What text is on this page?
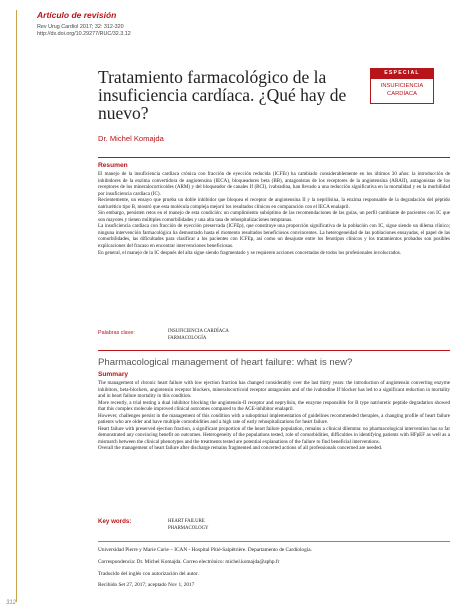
Artículo de revisión
Rev Urug Cardiol 2017; 32: 312-320
http://dx.doi.org/10.29277/RUC/32.3.12
ESPECIAL
INSUFICIENCIA
CARDÍACA
Tratamiento farmacológico de la insuficiencia cardíaca. ¿Qué hay de nuevo?
Dr. Michel Komajda
Resumen

El manejo de la insuficiencia cardíaca crónica con fracción de eyección reducida (ICFEr) ha cambiado considerablemente en los últimos 30 años: la introducción de inhibidores de la enzima convertidora de angiotensina (IECA), bloqueadores beta (BB), antagonistas de los receptores de la angiotensina (ARAII), antagonistas de los receptores de los mineralocorticoides (ARM) y del bloqueador de canales If (BCI), ivabradina, han llevado a una reducción significativa en la mortalidad y en la morbilidad por insuficiencia cardíaca (IC).

Recientemente, un ensayo que prueba un doble inhibidor que bloquea el receptor de angiotensina II y la neprilisina, la enzima responsable de la degradación del péptido natriurético tipo B, mostró que esta molécula compleja mejoró los resultados clínicos en comparación con el IECA enalapril.

Sin embargo, persisten retos en el manejo de esta condición: un cumplimiento subóptimo de las recomendaciones de las guías, un perfil cambiante de pacientes con IC que son mayores y tienen múltiples comorbilidades y una alta tasa de rehospitalizaciones tempranas.

La insuficiencia cardíaca con fracción de eyección preservada (ICFEp), que constituye una proporción significativa de la población con IC, sigue siendo un dilema clínico; ninguna intervención farmacológica ha demostrado hasta el momento resultados beneficiosos convincentes. La heterogeneidad de las poblaciones ensayadas, el papel de las comorbilidades, las dificultades para clasificar a los pacientes con ICFEp, así como un desajuste entre los fenotipos clínicos y los tratamientos probados son posibles explicaciones del fracaso en encontrar intervenciones beneficiosas.

En general, el manejo de la IC después del alta sigue siendo fragmentado y se requieren acciones concertadas de todos los profesionales involucrados.

Palabras clave:	INSUFICIENCIA CARDÍACA
FARMACOLOGÍA
Pharmacological management of heart failure: what is new?
Summary

The management of chronic heart failure with low ejection fraction has changed considerably over the last thirty years: the introduction of angiotensin converting enzyme inhibitors, beta-blockers, angiotensin receptor blockers, mineralocorticoid receptor antagonists and of the ivabradine If blocker has led to a significant reduction in mortality and in heart failure mortality in this condition.

More recently, a trial testing a dual inhibitor blocking the angiotensin-II receptor and neprylisin, the enzyme responsible for B type natriuretic peptide degradation showed that this complex molecule improved clinical outcomes compared to the ACE-inhibitor enalapril.

However, challenges persist in the management of this condition with a suboptimal implementation of guidelines recommended therapies, a changing profile of heart failure patients who are older and have multiple comorbidities and a high rate of early rehospitalizations for heart failure.

Heart failure with preserved ejection fraction, a significant proportion of the heart failure population, remains a clinical dilemma: no pharmacological intervention has so far demonstrated any convincing benefit on outcomes. Heterogeneity of the populations tested, role of comorbidities, difficulties in identifying patients with HFpEF as well as a mismatch between the clinical phenotypes and the treatments tested are potential explanations of the failure to find beneficial interventions.

Overall the management of heart failure after discharge remains fragmented and concerted actions of all professionals concerned are needed.

Key words:	HEART FAILURE
PHARMACOLOGY
Universidad Pierre y Marie Curie – ICAN - Hospital Pitié-Salpêtrière. Departamento de Cardiología.
Correspondencia: Dr. Michel Komajda. Correo electrónico: michel.komajda@aphp.fr
Traducido del inglés con autorización del autor.
Recibido Set 27, 2017; aceptado Nov 1, 2017
312
